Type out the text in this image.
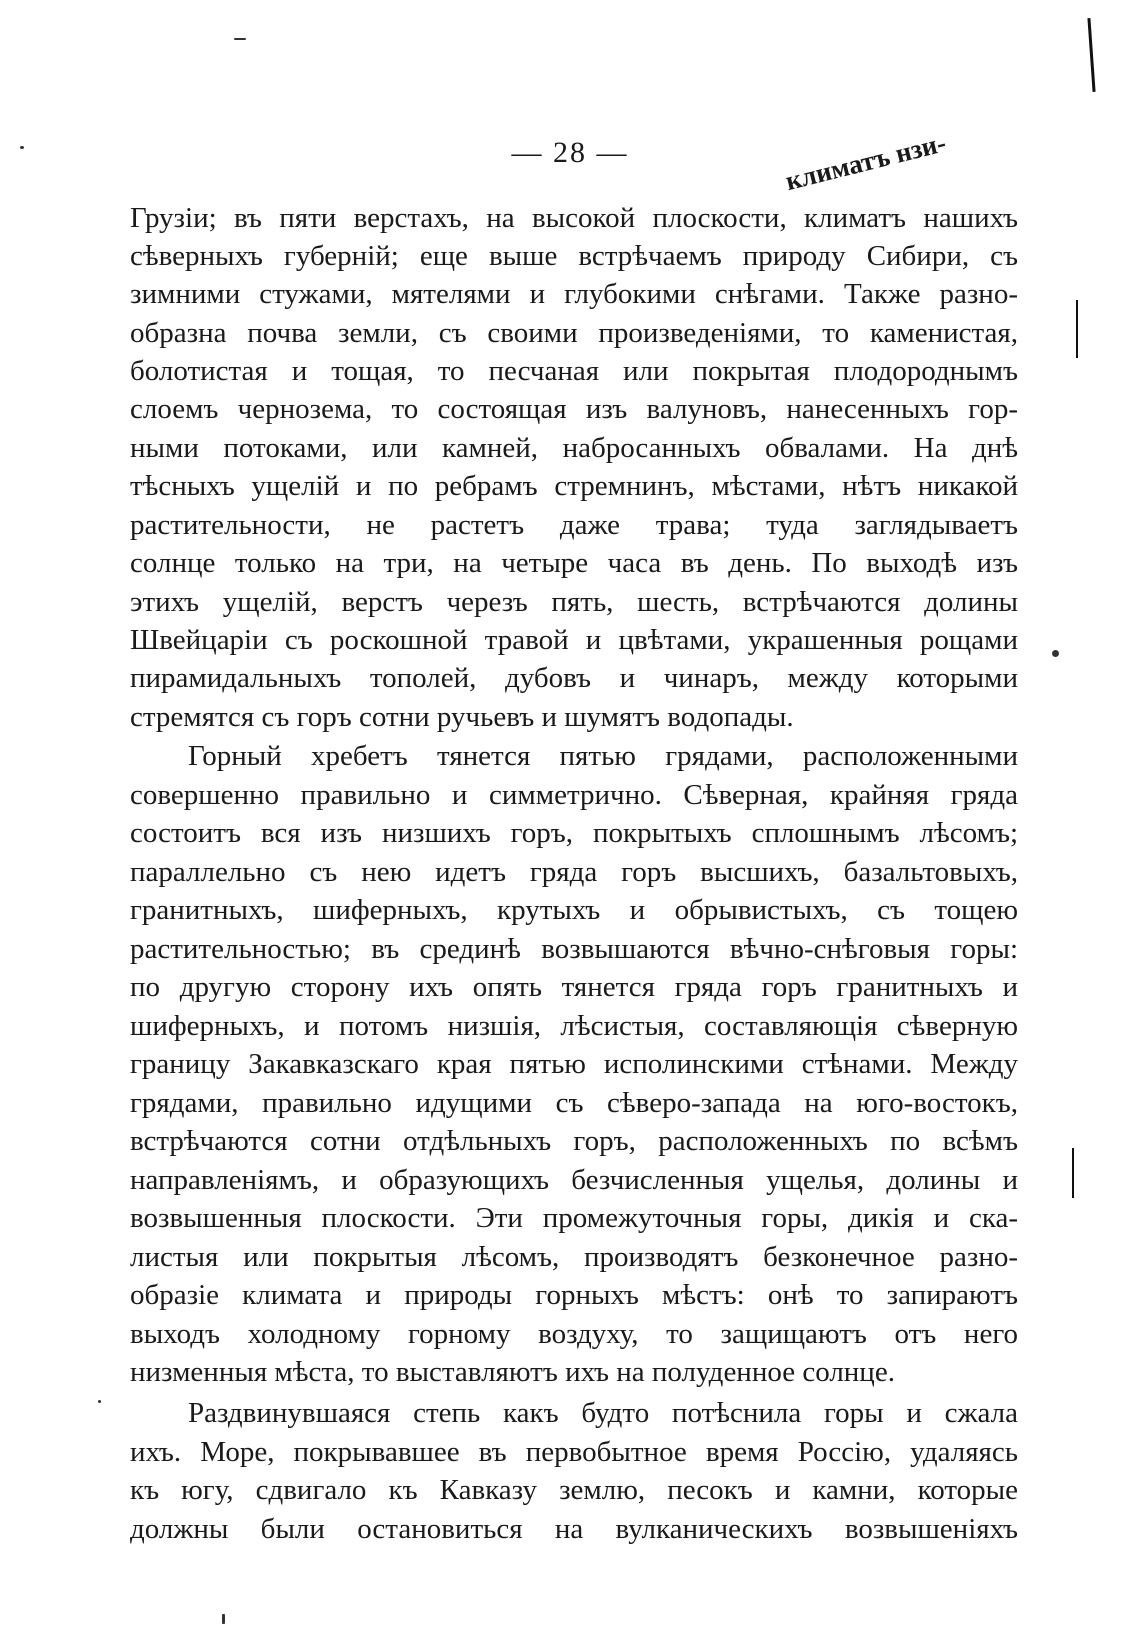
— 28 —	климатъ нзи-
Грузіи; въ пяти верстахъ, на высокой плоскости, климатъ нашихъ
сѣверныхъ губерній; еще выше встрѣчаемъ природу Сибири, съ
зимними стужами, мятелями и глубокими снѣгами. Также разно-
образна почва земли, съ своими произведеніями, то каменистая,
болотистая и тощая, то песчаная или покрытая плодороднымъ
слоемъ чернозема, то состоящая изъ валуновъ, нанесенныхъ гор-
ными потоками, или камней, набросанныхъ обвалами. На днѣ
тѣсныхъ ущелій и по ребрамъ стремнинъ, мѣстами, нѣтъ никакой
растительности, не растетъ даже трава; туда заглядываетъ
солнце только на три, на четыре часа въ день. По выходѣ изъ
этихъ ущелій, верстъ черезъ пять, шесть, встрѣчаются долины
Швейцаріи съ роскошной травой и цвѣтами, украшенныя рощами
пирамидальныхъ тополей, дубовъ и чинаръ, между которыми
стремятся съ горъ сотни ручьевъ и шумятъ водопады.
Горный хребетъ тянется пятью грядами, расположенными
совершенно правильно и симметрично. Сѣверная, крайняя гряда
состоитъ вся изъ низшихъ горъ, покрытыхъ сплошнымъ лѣсомъ;
параллельно съ нею идетъ гряда горъ высшихъ, базальтовыхъ,
гранитныхъ, шиферныхъ, крутыхъ и обрывистыхъ, съ тощею
растительностью; въ срединѣ возвышаются вѣчно-снѣговыя горы:
по другую сторону ихъ опять тянется гряда горъ гранитныхъ и
шиферныхъ, и потомъ низшія, лѣсистыя, составляющія сѣверную
границу Закавказскаго края пятью исполинскими стѣнами. Между
грядами, правильно идущими съ сѣверо-запада на юго-востокъ,
встрѣчаются сотни отдѣльныхъ горъ, расположенныхъ по всѣмъ
направленіямъ, и образующихъ безчисленныя ущелья, долины и
возвышенныя плоскости. Эти промежуточныя горы, дикія и ска-
листыя или покрытыя лѣсомъ, производятъ безконечное разно-
образіе климата и природы горныхъ мѣстъ: онѣ то запираютъ
выходъ холодному горному воздуху, то защищаютъ отъ него
низменныя мѣста, то выставляютъ ихъ на полуденное солнце.
Раздвинувшаяся степь какъ будто потѣснила горы и сжала
ихъ. Море, покрывавшее въ первобытное время Россію, удаляясь
къ югу, сдвигало къ Кавказу землю, песокъ и камни, которые
должны были остановиться на вулканическихъ возвышеніяхъ
